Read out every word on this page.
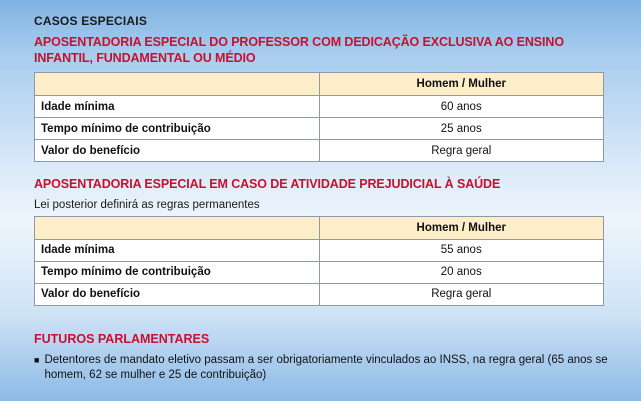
CASOS ESPECIAIS
APOSENTADORIA ESPECIAL DO PROFESSOR COM DEDICAÇÃO EXCLUSIVA AO ENSINO INFANTIL, FUNDAMENTAL OU MÉDIO
	Homem / Mulher
Idade mínima	60 anos
Tempo mínimo de contribuição	25 anos
Valor do benefício	Regra geral
APOSENTADORIA ESPECIAL EM CASO DE ATIVIDADE PREJUDICIAL À SAÚDE
Lei posterior definirá as regras permanentes
	Homem / Mulher
Idade mínima	55 anos
Tempo mínimo de contribuição	20 anos
Valor do benefício	Regra geral
FUTUROS PARLAMENTARES
■ Detentores de mandato eletivo passam a ser obrigatoriamente vinculados ao INSS, na regra geral (65 anos se homem, 62 se mulher e 25 de contribuição)
